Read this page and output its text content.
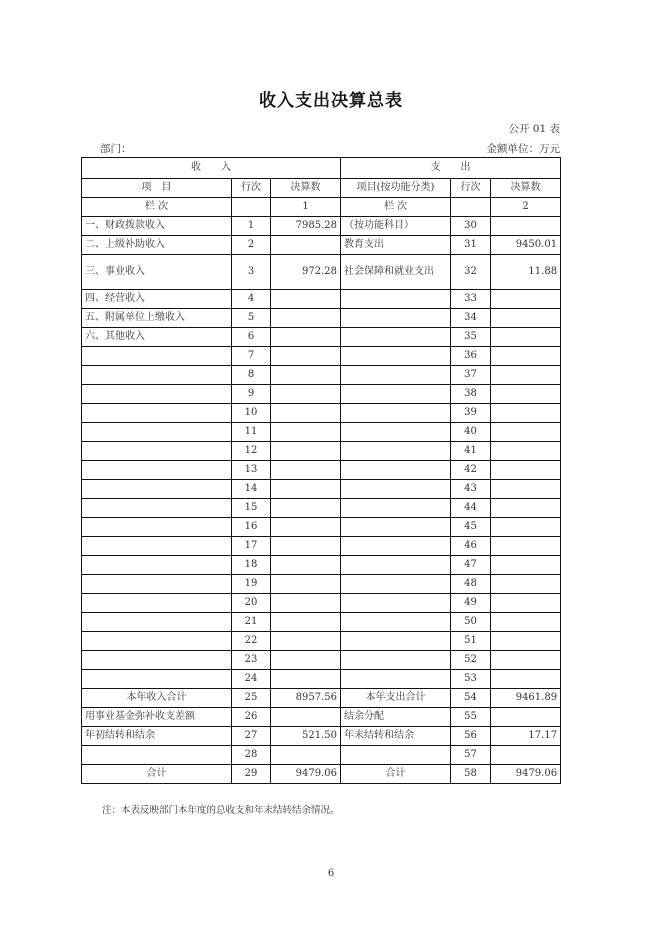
收入支出决算总表
公开 01 表
部门：	金额单位：万元
收　　入			支　　出		
项　目	行次	决算数	项目(按功能分类)	行次	决算数
栏 次		1	栏 次		2
一、财政拨款收入	1	7985.28	（按功能科目）	30	
二、上级补助收入	2		教育支出	31	9450.01
三、事业收入	3	972.28	社会保障和就业支出	32	11.88
四、经营收入	4			33	
五、附属单位上缴收入	5			34	
六、其他收入	6			35	
	7			36	
	8			37	
	9			38	
	10			39	
	11			40	
	12			41	
	13			42	
	14			43	
	15			44	
	16			45	
	17			46	
	18			47	
	19			48	
	20			49	
	21			50	
	22			51	
	23			52	
	24			53	
本年收入合计	25	8957.56	本年支出合计	54	9461.89
用事业基金弥补收支差额	26		结余分配	55	
年初结转和结余	27	521.50	年末结转和结余	56	17.17
	28			57	
合计	29	9479.06	合计	58	9479.06
注：本表反映部门本年度的总收支和年末结转结余情况。
6
